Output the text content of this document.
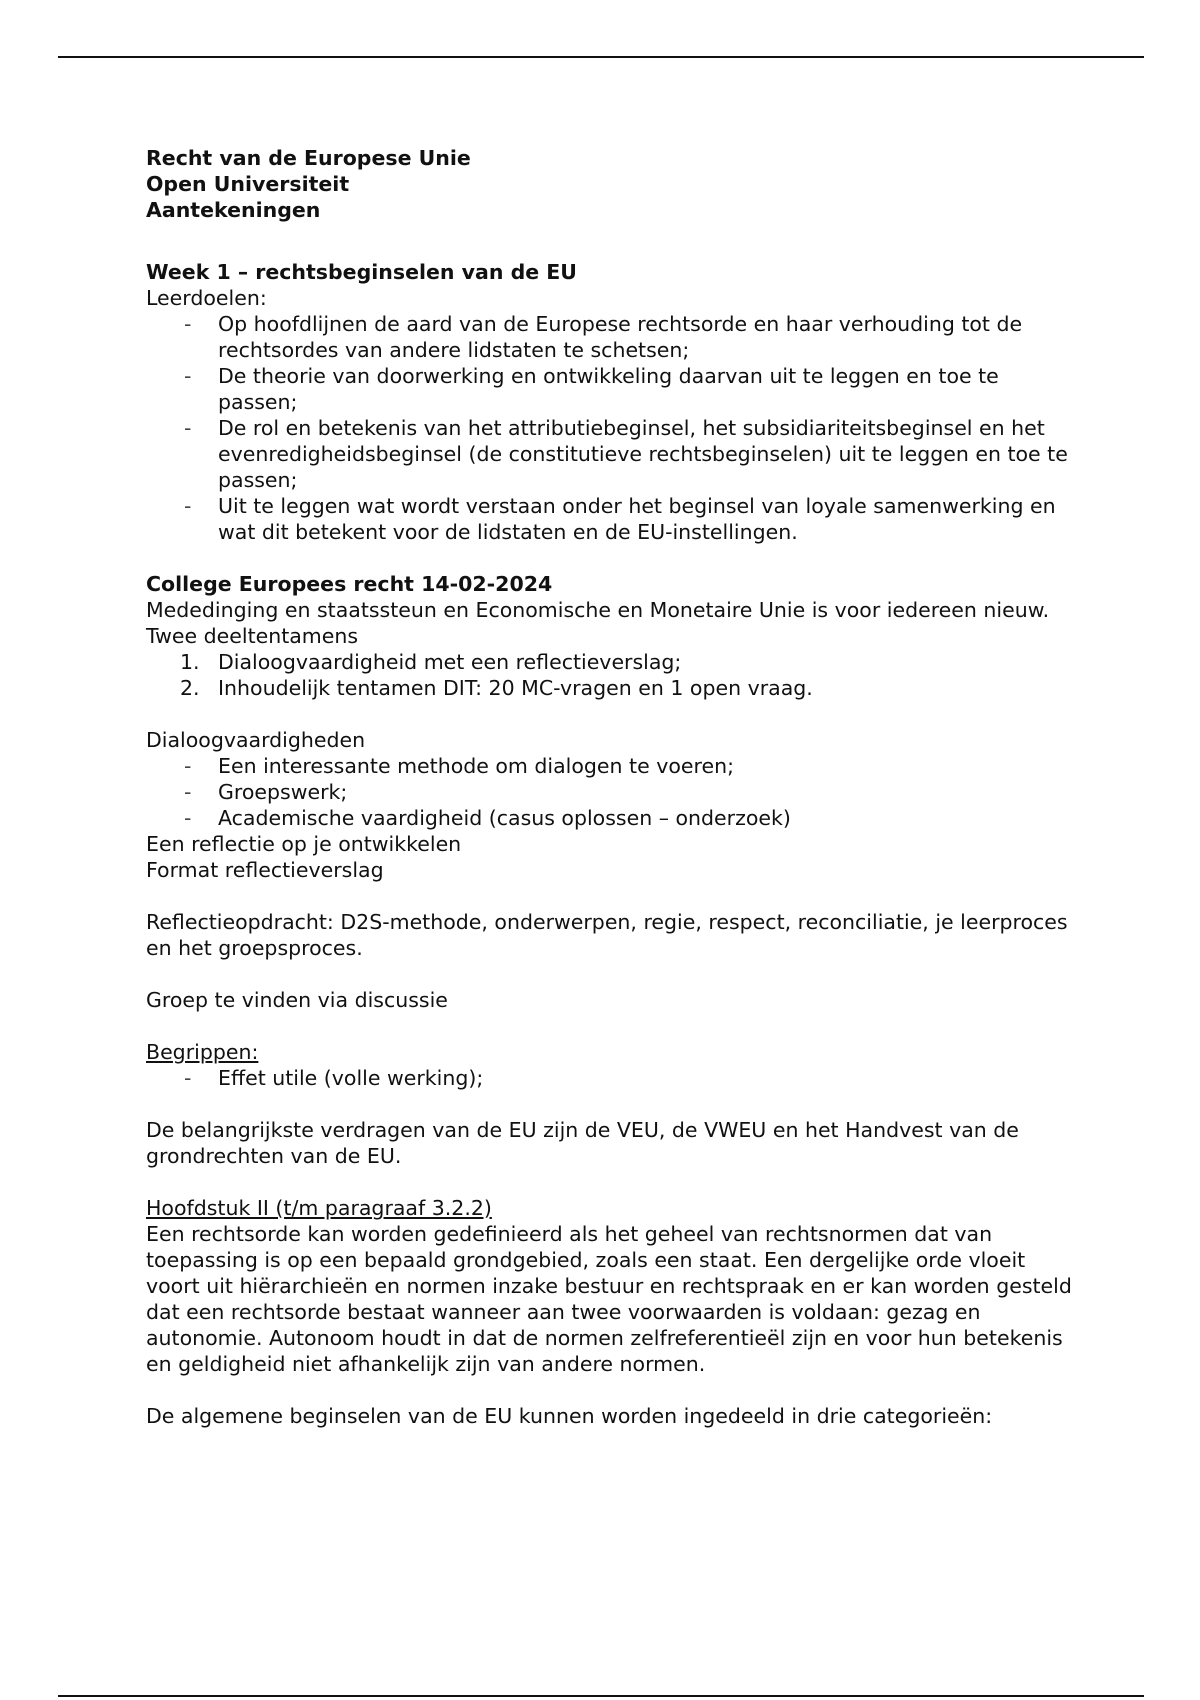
Recht van de Europese Unie

Open Universiteit

Aantekeningen

Week 1 – rechtsbeginselen van de EU

Leerdoelen:

- Op hoofdlijnen de aard van de Europese rechtsorde en haar verhouding tot de rechtsordes van andere lidstaten te schetsen;
- De theorie van doorwerking en ontwikkeling daarvan uit te leggen en toe te passen;
- De rol en betekenis van het attributiebeginsel, het subsidiariteitsbeginsel en het evenredigheidsbeginsel (de constitutieve rechtsbeginselen) uit te leggen en toe te passen;
- Uit te leggen wat wordt verstaan onder het beginsel van loyale samenwerking en wat dit betekent voor de lidstaten en de EU-instellingen.

College Europees recht 14-02-2024

Mededinging en staatssteun en Economische en Monetaire Unie is voor iedereen nieuw.

Twee deeltentamens

1. Dialoogvaardigheid met een reflectieverslag;
2. Inhoudelijk tentamen DIT: 20 MC-vragen en 1 open vraag.

Dialoogvaardigheden

- Een interessante methode om dialogen te voeren;
- Groepswerk;
- Academische vaardigheid (casus oplossen – onderzoek)

Een reflectie op je ontwikkelen

Format reflectieverslag

Reflectieopdracht: D2S-methode, onderwerpen, regie, respect, reconciliatie, je leerproces en het groepsproces.

Groep te vinden via discussie

Begrippen:

- Effet utile (volle werking);

De belangrijkste verdragen van de EU zijn de VEU, de VWEU en het Handvest van de grondrechten van de EU.

Hoofdstuk II (t/m paragraaf 3.2.2)

Een rechtsorde kan worden gedefinieerd als het geheel van rechtsnormen dat van toepassing is op een bepaald grondgebied, zoals een staat. Een dergelijke orde vloeit voort uit hiërarchieën en normen inzake bestuur en rechtspraak en er kan worden gesteld dat een rechtsorde bestaat wanneer aan twee voorwaarden is voldaan: gezag en autonomie. Autonoom houdt in dat de normen zelfreferentieël zijn en voor hun betekenis en geldigheid niet afhankelijk zijn van andere normen.

De algemene beginselen van de EU kunnen worden ingedeeld in drie categorieën:
